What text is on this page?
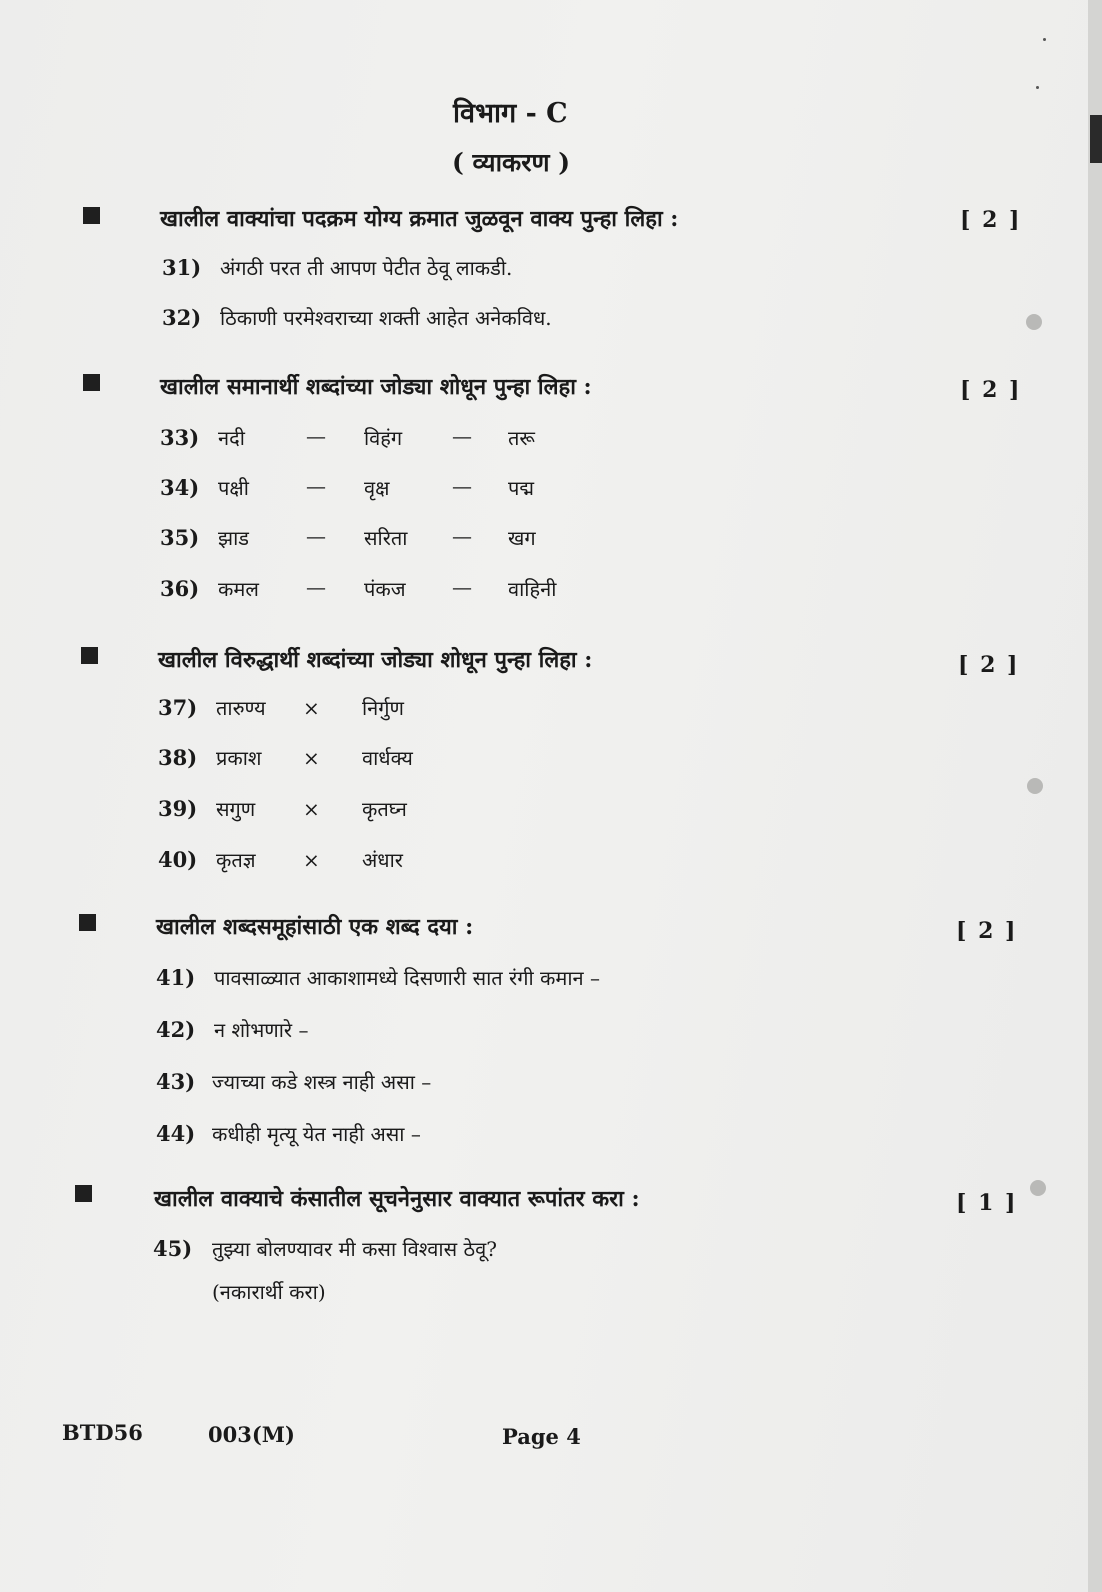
विभाग - C
( व्याकरण )
खालील वाक्यांचा पदक्रम योग्य क्रमात जुळवून वाक्य पुन्हा लिहा :	[ 2 ]
31) अंगठी परत ती आपण पेटीत ठेवू लाकडी.
32) ठिकाणी परमेश्वराच्या शक्ती आहेत अनेकविध.
खालील समानार्थी शब्दांच्या जोड्या शोधून पुन्हा लिहा :	[ 2 ]
33) नदी	— विहंग — तरू
34) पक्षी	— वृक्ष	— पद्म
35) झाड	— सरिता — खग
36) कमल — पंकज — वाहिनी
खालील विरुद्धार्थी शब्दांच्या जोड्या शोधून पुन्हा लिहा :	[ 2 ]
37) तारुण्य × निर्गुण
38) प्रकाश × वार्धक्य
39) सगुण × कृतघ्न
40) कृतज्ञ × अंधार
खालील शब्दसमूहांसाठी एक शब्द दया :	[ 2 ]
41) पावसाळ्यात आकाशामध्ये दिसणारी सात रंगी कमान –
42) न शोभणारे –
43) ज्याच्या कडे शस्त्र नाही असा –
44) कधीही मृत्यू येत नाही असा –
खालील वाक्याचे कंसातील सूचनेनुसार वाक्यात रूपांतर करा :	[ 1 ]
45) तुझ्या बोलण्यावर मी कसा विश्वास ठेवू?
(नकारार्थी करा)
BTD56	003(M)	Page 4
